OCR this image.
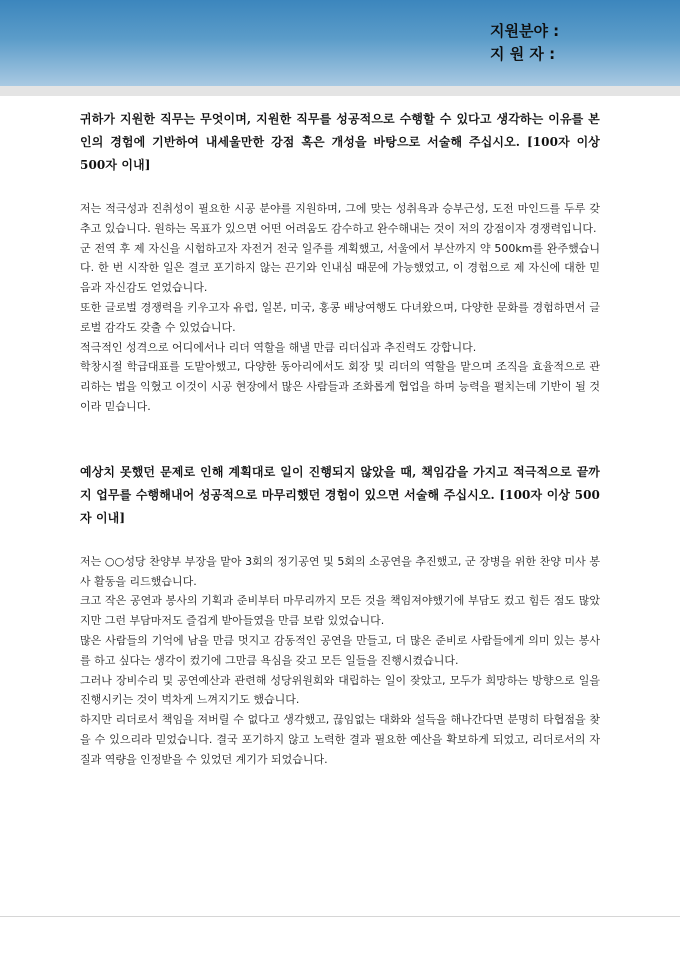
지원분야 :
지 원 자 :

귀하가 지원한 직무는 무엇이며, 지원한 직무를 성공적으로 수행할 수 있다고 생각하는 이유를 본인의 경험에 기반하여 내세울만한 강점 혹은 개성을 바탕으로 서술해 주십시오. [100자 이상 500자 이내]

저는 적극성과 진취성이 필요한 시공 분야를 지원하며, 그에 맞는 성취욕과 승부근성, 도전 마인드를 두루 갖추고 있습니다. 원하는 목표가 있으면 어떤 어려움도 감수하고 완수해내는 것이 저의 강점이자 경쟁력입니다.

군 전역 후 제 자신을 시험하고자 자전거 전국 일주를 계획했고, 서울에서 부산까지 약 500km를 완주했습니다. 한 번 시작한 일은 결코 포기하지 않는 끈기와 인내심 때문에 가능했었고, 이 경험으로 제 자신에 대한 믿음과 자신감도 얻었습니다.

또한 글로벌 경쟁력을 키우고자 유럽, 일본, 미국, 홍콩 배낭여행도 다녀왔으며, 다양한 문화를 경험하면서 글로벌 감각도 갖출 수 있었습니다.

적극적인 성격으로 어디에서나 리더 역할을 해낼 만큼 리더십과 추진력도 강합니다.

학창시절 학급대표를 도맡아했고, 다양한 동아리에서도 회장 및 리더의 역할을 맡으며 조직을 효율적으로 관리하는 법을 익혔고 이것이 시공 현장에서 많은 사람들과 조화롭게 협업을 하며 능력을 펼치는데 기반이 될 것이라 믿습니다.

예상치 못했던 문제로 인해 계획대로 일이 진행되지 않았을 때, 책임감을 가지고 적극적으로 끝까지 업무를 수행해내어 성공적으로 마무리했던 경험이 있으면 서술해 주십시오. [100자 이상 500자 이내]

저는 ○○성당 찬양부 부장을 맡아 3회의 정기공연 및 5회의 소공연을 추진했고, 군 장병을 위한 찬양 미사 봉사 활동을 리드했습니다.

크고 작은 공연과 봉사의 기획과 준비부터 마무리까지 모든 것을 책임져야했기에 부담도 컸고 힘든 점도 많았지만 그런 부담마저도 즐겁게 받아들였을 만큼 보람 있었습니다.

많은 사람들의 기억에 남을 만큼 멋지고 감동적인 공연을 만들고, 더 많은 준비로 사람들에게 의미 있는 봉사를 하고 싶다는 생각이 컸기에 그만큼 욕심을 갖고 모든 일들을 진행시켰습니다.

그러나 장비수리 및 공연예산과 관련해 성당위원회와 대립하는 일이 잦았고, 모두가 희망하는 방향으로 일을 진행시키는 것이 벅차게 느껴지기도 했습니다.

하지만 리더로서 책임을 져버릴 수 없다고 생각했고, 끊임없는 대화와 설득을 해나간다면 분명히 타협점을 찾을 수 있으리라 믿었습니다. 결국 포기하지 않고 노력한 결과 필요한 예산을 확보하게 되었고, 리더로서의 자질과 역량을 인정받을 수 있었던 계기가 되었습니다.
